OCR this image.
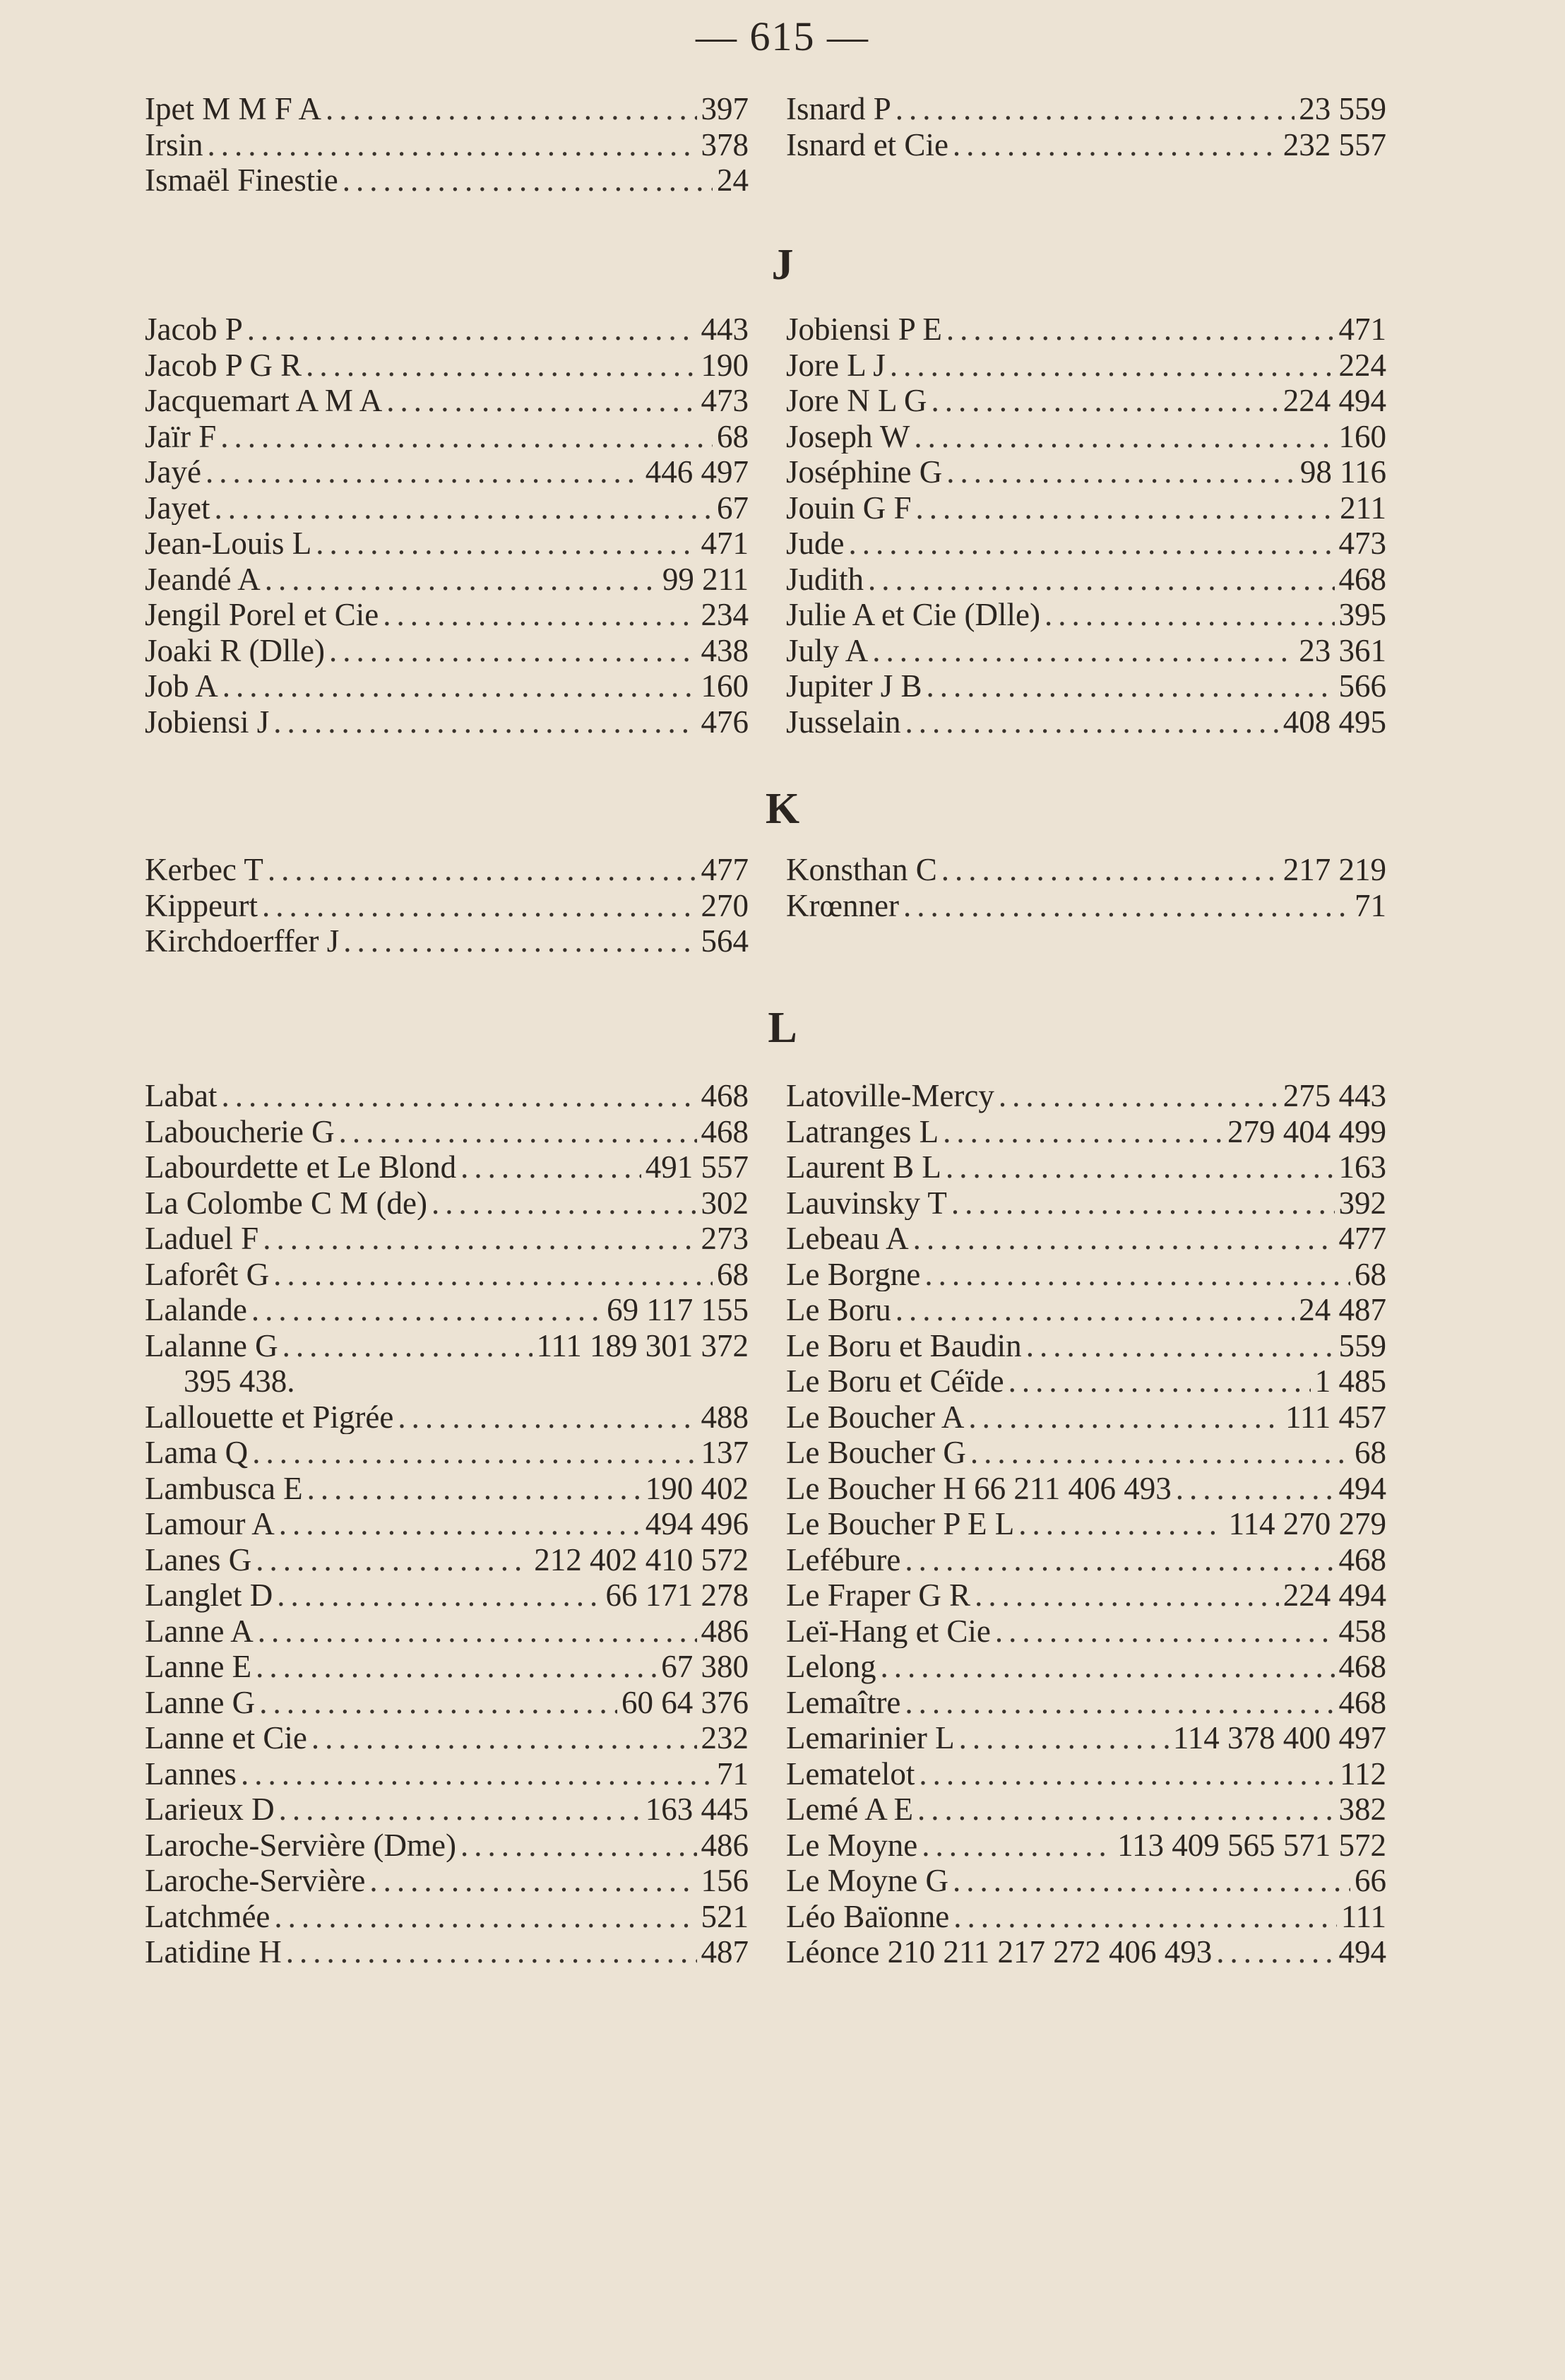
— 615 —
Ipet M M F A .....	397
Irsin .....	378
Ismaël Finestie .....	24
Isnard P .....	23 559
Isnard et Cie .....	232 557
J
Jacob P .....	443
Jacob P G R .....	190
Jacquemart A M A .....	473
Jaïr F .....	68
Jayé .....	446 497
Jayet .....	67
Jean-Louis L .....	471
Jeandé A .....	99 211
Jengil Porel et Cie .....	234
Joaki R (Dlle) .....	438
Job A .....	160
Jobiensi J .....	476
Jobiensi P E .....	471
Jore L J .....	224
Jore N L G .....	224 494
Joseph W .....	160
Joséphine G .....	98 116
Jouin G F .....	211
Jude .....	473
Judith .....	468
Julie A et Cie (Dlle) .....	395
July A .....	23 361
Jupiter J B .....	566
Jusselain .....	408 495
K
Kerbec T .....	477
Kippeurt .....	270
Kirchdoerffer J .....	564
Konsthan C .....	217 219
Krœnner .....	71
L
Labat .....	468
Laboucherie G .....	468
Labourdette et Le Blond .....	491 557
La Colombe C M (de) .....	302
Laduel F .....	273
Laforêt G .....	68
Lalande .....	69 117 155
Lalanne G .....	111 189 301 372
395 438.
Lallouette et Pigrée .....	488
Lama Q .....	137
Lambusca E .....	190 402
Lamour A .....	494 496
Lanes G .....	212 402 410 572
Langlet D .....	66 171 278
Lanne A .....	486
Lanne E .....	67 380
Lanne G .....	60 64 376
Lanne et Cie .....	232
Lannes .....	71
Larieux D .....	163 445
Laroche-Servière (Dme) .....	486
Laroche-Servière .....	156
Latchmée .....	521
Latidine H .....	487
Latoville-Mercy .....	275 443
Latranges L .....	279 404 499
Laurent B L .....	163
Lauvinsky T .....	392
Lebeau A .....	477
Le Borgne .....	68
Le Boru .....	24 487
Le Boru et Baudin .....	559
Le Boru et Céïde .....	1 485
Le Boucher A .....	111 457
Le Boucher G .....	68
Le Boucher H 66 211 406 493 .....	494
Le Boucher P E L .....	114 270 279
Lefébure .....	468
Le Fraper G R .....	224 494
Leï-Hang et Cie .....	458
Lelong .....	468
Lemaître .....	468
Lemarinier L .....	114 378 400 497
Lematelot .....	112
Lemé A E .....	382
Le Moyne .....	113 409 565 571 572
Le Moyne G .....	66
Léo Baïonne .....	111
Léonce 210 211 217 272 406 493 .....	494
